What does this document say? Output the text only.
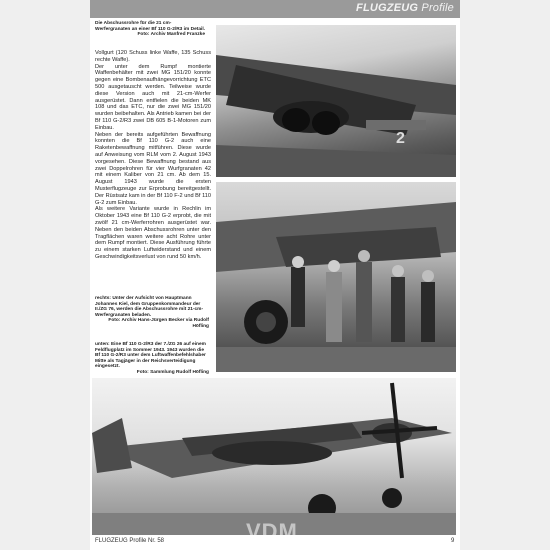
FLUGZEUG Profile
Die Abschussrohre für die 21 cm-Werfergranaten an einer Bf 110 G-2/R3 im Detail.
Foto: Archiv Manfred Franzke

Vollgurt (120 Schuss linke Waffe, 135 Schuss rechte Waffe).

Der unter dem Rumpf montierte Waffenbehälter mit zwei MG 151/20 konnte gegen eine Bombenaufhängevorrichtung ETC 500 ausgetauscht werden. Teilweise wurde diese Version auch mit 21-cm-Werfer ausgerüstet. Dann entfielen die beiden MK 108 und das ETC, nur die zwei MG 151/20 wurden beibehalten. Als Antrieb kamen bei der Bf 110 G-2/R3 zwei DB 605 B-1-Motoren zum Einbau.

Neben der bereits aufgeführten Bewaffnung konnten die Bf 110 G-2 auch eine Raketenbewaffnung mitführen. Diese wurde auf Anweisung vom RLM vom 2. August 1943 vorgesehen. Diese Bewaffnung bestand aus zwei Doppelrohren für vier Wurfgranaten 42 mit einem Kaliber von 21 cm. Ab dem 15. August 1943 wurde die ersten Musterflugzeuge zur Erprobung bereitgestellt. Der Rüstsatz kam in der Bf 110 F-2 und Bf 110 G-2 zum Einbau.

Als weitere Variante wurde in Rechlin im Oktober 1943 eine Bf 110 G-2 erprobt, die mit zwölf 21 cm-Werferrohren ausgerüstet war. Neben den beiden Abschussrohren unter den Tragflächen waren weitere acht Rohre unter dem Rumpf montiert. Diese Ausführung führte zu einem starken Luftwiderstand und einem Geschwindigkeitsverlust von rund 50 km/h.

rechts: Unter der Aufsicht von Hauptmann Johannes Kiel, dem Gruppenkommandeur der II./ZG 76, werden die Abschussrohre mit 21-cm-Werfergranaten beladen.
Foto: Archiv Hans-Jürgen Becker via Rudolf Höfling
unten: Eine Bf 110 G-2/R3 der 7./ZG 26 auf einem Feldflugplatz im Sommer 1943. 1943 wurden die Bf 110 G-2/R3 unter dem Luftwaffenbefehlshaber Mitte als Tagjäger in der Reichsverteidigung eingesetzt.
Foto: Sammlung Rudolf Höfling
2
VDM
FLUGZEUG Profile Nr. 58	9
